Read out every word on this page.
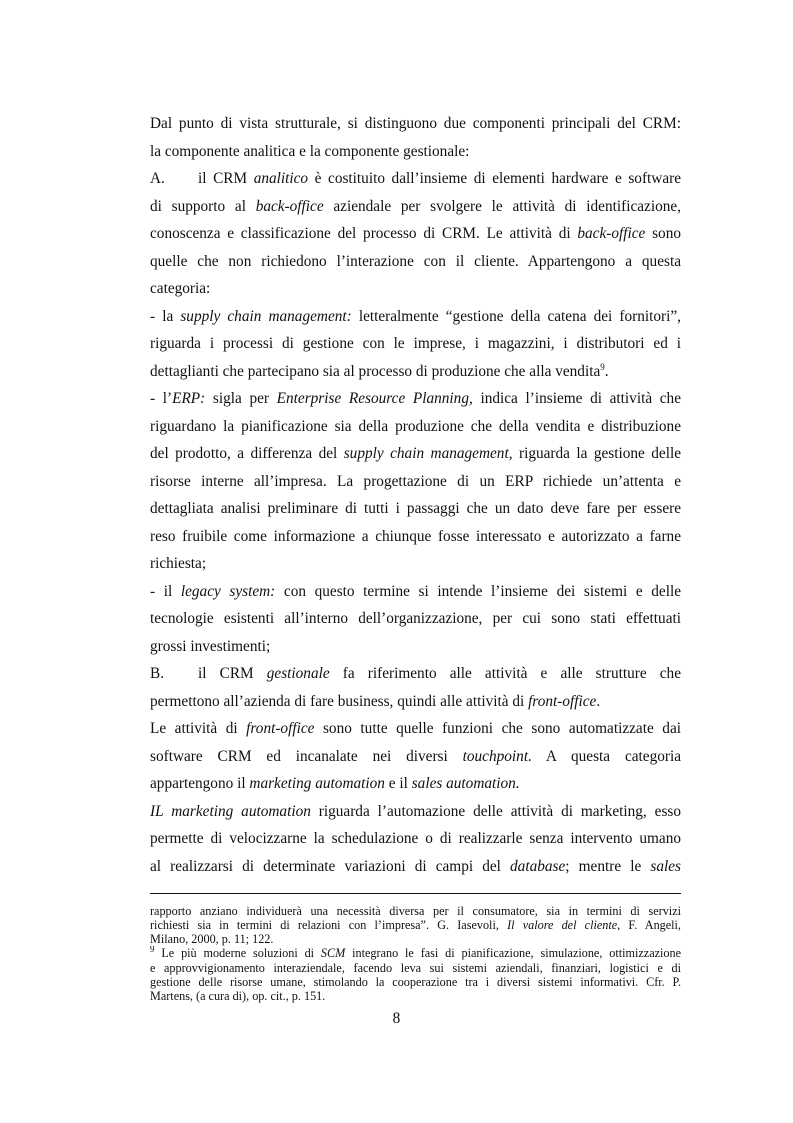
Dal punto di vista strutturale, si distinguono due componenti principali del CRM:
la componente analitica e la componente gestionale:
A. il CRM analitico è costituito dall’insieme di elementi hardware e software
di supporto al back-office aziendale per svolgere le attività di identificazione,
conoscenza e classificazione del processo di CRM. Le attività di back-office sono
quelle che non richiedono l’interazione con il cliente. Appartengono a questa
categoria:
- la supply chain management: letteralmente “gestione della catena dei fornitori”,
riguarda i processi di gestione con le imprese, i magazzini, i distributori ed i
dettaglianti che partecipano sia al processo di produzione che alla vendita$^9$.
- l’ERP: sigla per Enterprise Resource Planning, indica l’insieme di attività che
riguardano la pianificazione sia della produzione che della vendita e distribuzione
del prodotto, a differenza del supply chain management, riguarda la gestione delle
risorse interne all’impresa. La progettazione di un ERP richiede un’attenta e
dettagliata analisi preliminare di tutti i passaggi che un dato deve fare per essere
reso fruibile come informazione a chiunque fosse interessato e autorizzato a farne
richiesta;
- il legacy system: con questo termine si intende l’insieme dei sistemi e delle
tecnologie esistenti all’interno dell’organizzazione, per cui sono stati effettuati
grossi investimenti;
B. il CRM gestionale fa riferimento alle attività e alle strutture che
permettono all’azienda di fare business, quindi alle attività di front-office.
Le attività di front-office sono tutte quelle funzioni che sono automatizzate dai
software CRM ed incanalate nei diversi touchpoint. A questa categoria
appartengono il marketing automation e il sales automation.
IL marketing automation riguarda l’automazione delle attività di marketing, esso
permette di velocizzarne la schedulazione o di realizzarle senza intervento umano
al realizzarsi di determinate variazioni di campi del database; mentre le sales
rapporto anziano individuerà una necessità diversa per il consumatore, sia in termini di servizi
richiesti sia in termini di relazioni con l’impresa”. G. Iasevoli, Il valore del cliente, F. Angeli,
Milano, 2000, p. 11; 122.
$^9$ Le più moderne soluzioni di SCM integrano le fasi di pianificazione, simulazione, ottimizzazione
e approvvigionamento interaziendale, facendo leva sui sistemi aziendali, finanziari, logistici e di
gestione delle risorse umane, stimolando la cooperazione tra i diversi sistemi informativi. Cfr. P.
Martens, (a cura di), op. cit., p. 151.
8
